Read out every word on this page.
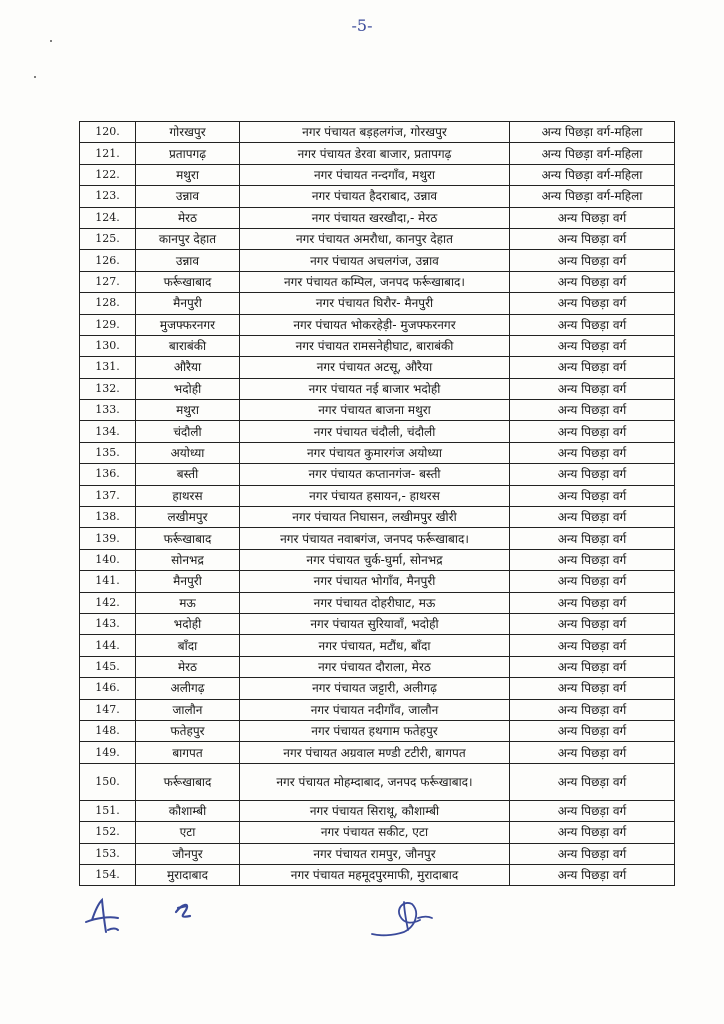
-5-
120.	गोरखपुर	नगर पंचायत बड़हलगंज, गोरखपुर	अन्य पिछड़ा वर्ग-महिला
121.	प्रतापगढ़	नगर पंचायत डेरवा बाजार, प्रतापगढ़	अन्य पिछड़ा वर्ग-महिला
122.	मथुरा	नगर पंचायत नन्दगाँव, मथुरा	अन्य पिछड़ा वर्ग-महिला
123.	उन्नाव	नगर पंचायत हैदराबाद, उन्नाव	अन्य पिछड़ा वर्ग-महिला
124.	मेरठ	नगर पंचायत खरखौदा,- मेरठ	अन्य पिछड़ा वर्ग
125.	कानपुर देहात	नगर पंचायत अमरौधा, कानपुर देहात	अन्य पिछड़ा वर्ग
126.	उन्नाव	नगर पंचायत अचलगंज, उन्नाव	अन्य पिछड़ा वर्ग
127.	फर्रूखाबाद	नगर पंचायत कम्पिल, जनपद फर्रूखाबाद।	अन्य पिछड़ा वर्ग
128.	मैनपुरी	नगर पंचायत घिरौर- मैनपुरी	अन्य पिछड़ा वर्ग
129.	मुजफ्फरनगर	नगर पंचायत भोकरहेड़ी- मुजफ्फरनगर	अन्य पिछड़ा वर्ग
130.	बाराबंकी	नगर पंचायत रामसनेहीघाट, बाराबंकी	अन्य पिछड़ा वर्ग
131.	औरैया	नगर पंचायत अटसू, औरैया	अन्य पिछड़ा वर्ग
132.	भदोही	नगर पंचायत नई बाजार भदोही	अन्य पिछड़ा वर्ग
133.	मथुरा	नगर पंचायत बाजना मथुरा	अन्य पिछड़ा वर्ग
134.	चंदौली	नगर पंचायत चंदौली, चंदौली	अन्य पिछड़ा वर्ग
135.	अयोध्या	नगर पंचायत कुमारगंज अयोध्या	अन्य पिछड़ा वर्ग
136.	बस्ती	नगर पंचायत कप्तानगंज- बस्ती	अन्य पिछड़ा वर्ग
137.	हाथरस	नगर पंचायत हसायन,- हाथरस	अन्य पिछड़ा वर्ग
138.	लखीमपुर	नगर पंचायत निघासन, लखीमपुर खीरी	अन्य पिछड़ा वर्ग
139.	फर्रूखाबाद	नगर पंचायत नवाबगंज, जनपद फर्रूखाबाद।	अन्य पिछड़ा वर्ग
140.	सोनभद्र	नगर पंचायत चुर्क-घुर्मा, सोनभद्र	अन्य पिछड़ा वर्ग
141.	मैनपुरी	नगर पंचायत भोगाँव, मैनपुरी	अन्य पिछड़ा वर्ग
142.	मऊ	नगर पंचायत दोहरीघाट, मऊ	अन्य पिछड़ा वर्ग
143.	भदोही	नगर पंचायत सुरियावाँ, भदोही	अन्य पिछड़ा वर्ग
144.	बाँदा	नगर पंचायत, मटौंध, बाँदा	अन्य पिछड़ा वर्ग
145.	मेरठ	नगर पंचायत दौराला, मेरठ	अन्य पिछड़ा वर्ग
146.	अलीगढ़	नगर पंचायत जट्टारी, अलीगढ़	अन्य पिछड़ा वर्ग
147.	जालौन	नगर पंचायत नदीगाँव, जालौन	अन्य पिछड़ा वर्ग
148.	फतेहपुर	नगर पंचायत हथगाम फतेहपुर	अन्य पिछड़ा वर्ग
149.	बागपत	नगर पंचायत अग्रवाल मण्डी टटीरी, बागपत	अन्य पिछड़ा वर्ग
150.	फर्रूखाबाद	नगर पंचायत मोहम्दाबाद, जनपद फर्रूखाबाद।	अन्य पिछड़ा वर्ग
151.	कौशाम्बी	नगर पंचायत सिराथू, कौशाम्बी	अन्य पिछड़ा वर्ग
152.	एटा	नगर पंचायत सकीट, एटा	अन्य पिछड़ा वर्ग
153.	जौनपुर	नगर पंचायत रामपुर, जौनपुर	अन्य पिछड़ा वर्ग
154.	मुरादाबाद	नगर पंचायत महमूदपुरमाफी, मुरादाबाद	अन्य पिछड़ा वर्ग
